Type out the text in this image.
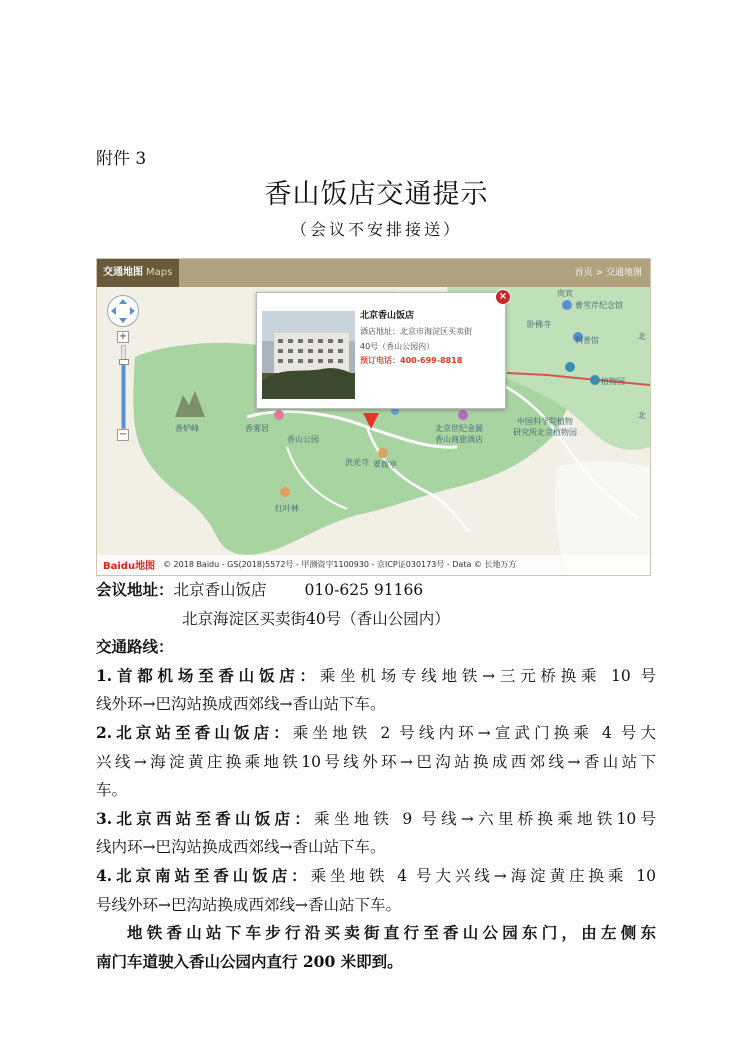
附件 3
香山饭店交通提示
（会议不安排接送）
交通地图 Maps	首页 > 交通地图
贵宾
曹雪芹纪念馆
卧佛寺
科普馆
植物园
北
北
香炉峰	香雾居
香山公园
洪光寺 翠微亭
红叶林
北京世纪金源
香山商旅酒店
中国科学院植物
研究所北京植物园
+
−
北京香山饭店
酒店地址：北京市海淀区买卖街
40号（香山公园内）
预订电话：400-699-8818
×
Baidu地图 © 2018 Baidu - GS(2018)5572号 - 甲测资字1100930 - 京ICP证030173号 - Data © 长地万方
会议地址：北京香山饭店 010-625 91166
北京海淀区买卖街40号（香山公园内）
交通路线：
1.首都机场至香山饭店：乘坐机场专线地铁→三元桥换乘 10 号
线外环→巴沟站换成西郊线→香山站下车。
2.北京站至香山饭店：乘坐地铁 2 号线内环→宣武门换乘 4 号大
兴线→海淀黄庄换乘地铁10号线外环→巴沟站换成西郊线→香山站下
车。
3.北京西站至香山饭店：乘坐地铁 9 号线→六里桥换乘地铁10号
线内环→巴沟站换成西郊线→香山站下车。
4.北京南站至香山饭店：乘坐地铁 4 号大兴线→海淀黄庄换乘 10
号线外环→巴沟站换成西郊线→香山站下车。
地铁香山站下车步行沿买卖街直行至香山公园东门，由左侧东
南门车道驶入香山公园内直行 200 米即到。
